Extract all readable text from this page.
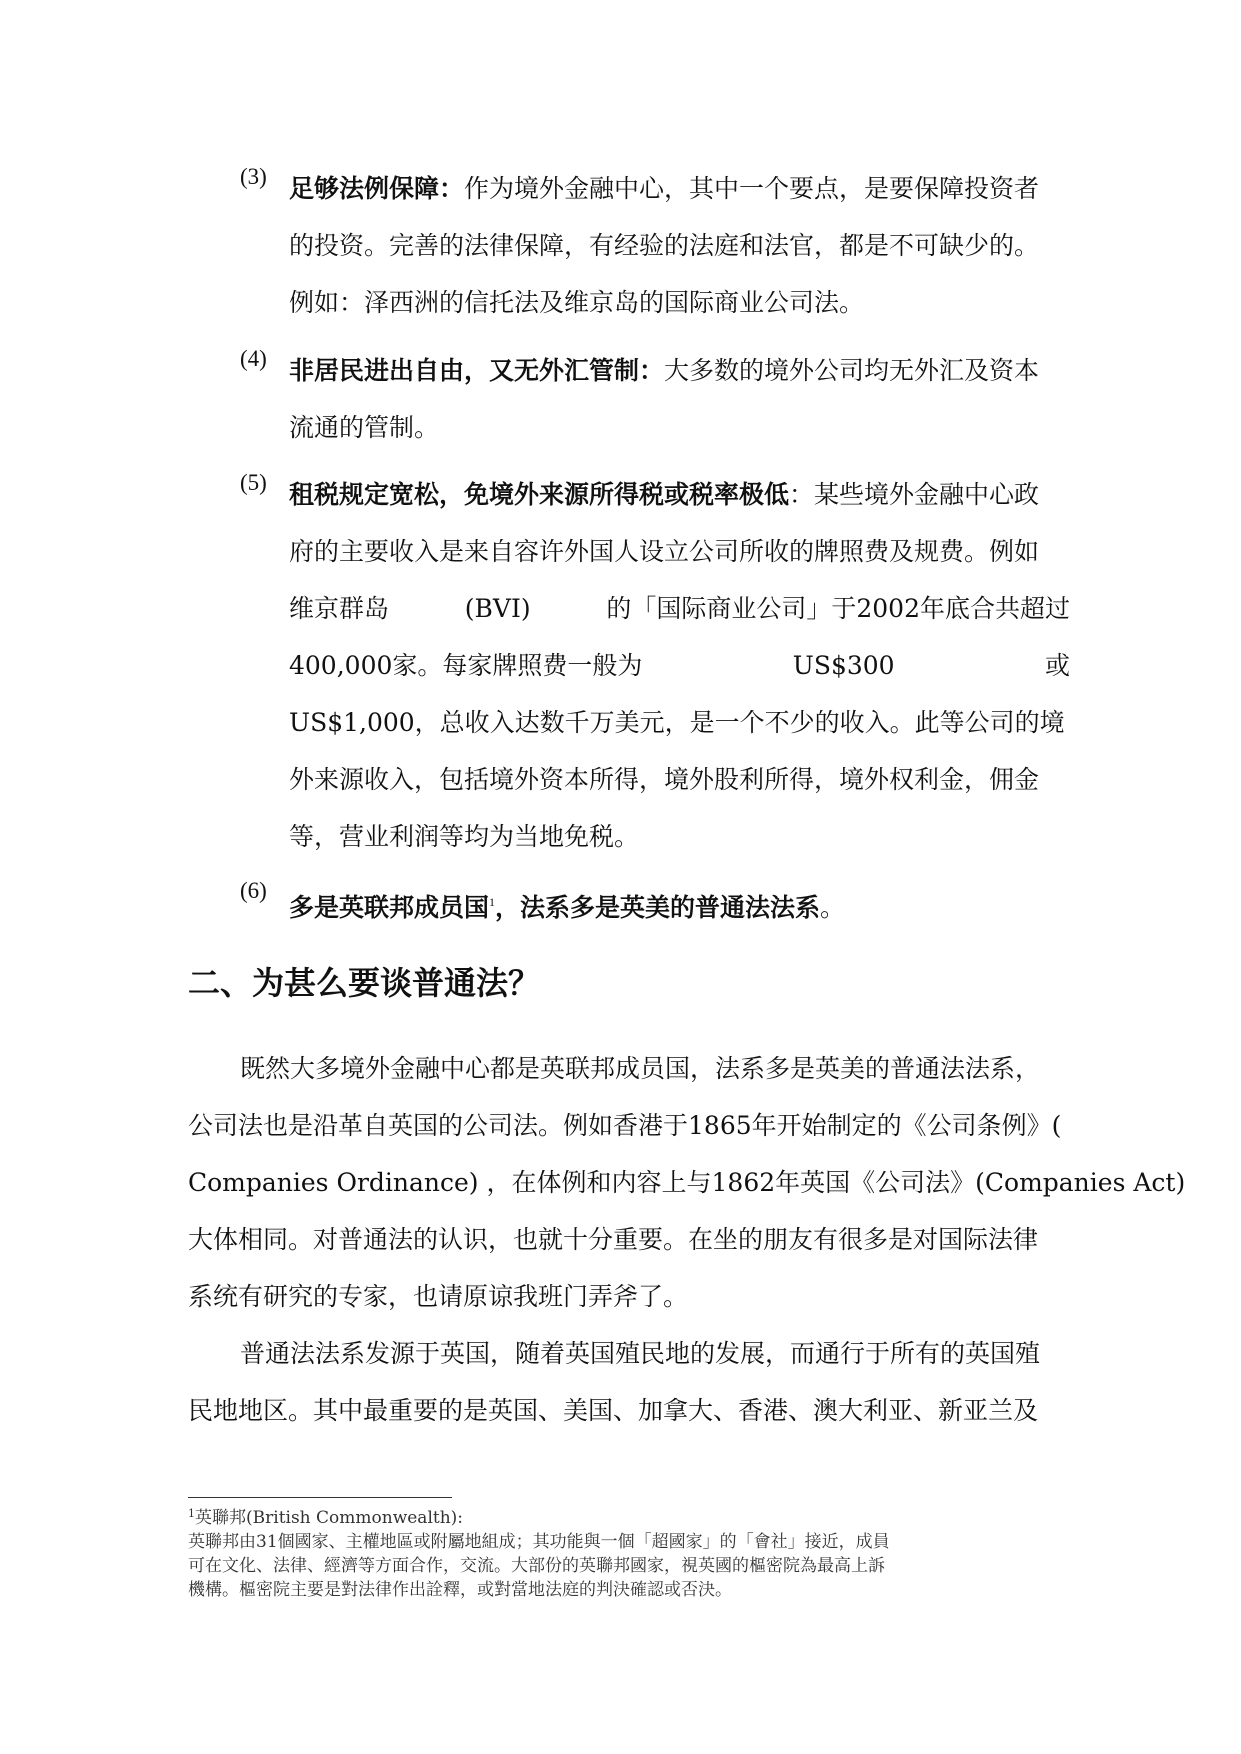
(3) 足够法例保障：作为境外金融中心，其中一个要点，是要保障投资者
的投资。完善的法律保障，有经验的法庭和法官，都是不可缺少的。
例如：泽西洲的信托法及维京岛的国际商业公司法。
(4) 非居民进出自由，又无外汇管制：大多数的境外公司均无外汇及资本
流通的管制。
(5) 租税规定宽松，免境外来源所得税或税率极低：某些境外金融中心政
府的主要收入是来自容许外国人设立公司所收的牌照费及规费。例如
维京群岛	(BVI)	的「国际商业公司」于2002年底合共超过
400,000家。每家牌照费一般为	US$300	或
US$1,000，总收入达数千万美元，是一个不少的收入。此等公司的境
外来源收入，包括境外资本所得，境外股利所得，境外权利金，佣金
等，营业利润等均为当地免税。
(6)
多是英联邦成员国$^1$，法系多是英美的普通法法系。
二、为甚么要谈普通法？
既然大多境外金融中心都是英联邦成员国，法系多是英美的普通法法系，
公司法也是沿革自英国的公司法。例如香港于1865年开始制定的《公司条例》(
Companies Ordinance) ，在体例和内容上与1862年英国《公司法》(Companies Act)
大体相同。对普通法的认识，也就十分重要。在坐的朋友有很多是对国际法律
系统有研究的专家，也请原谅我班门弄斧了。
普通法法系发源于英国，随着英国殖民地的发展，而通行于所有的英国殖
民地地区。其中最重要的是英国、美国、加拿大、香港、澳大利亚、新亚兰及
$^1$英聯邦(British Commonwealth):
英聯邦由31個國家、主權地區或附屬地組成；其功能與一個「超國家」的「會社」接近，成員
可在文化、法律、經濟等方面合作，交流。大部份的英聯邦國家，視英國的樞密院為最高上訴
機構。樞密院主要是對法律作出詮釋，或對當地法庭的判決確認或否決。
